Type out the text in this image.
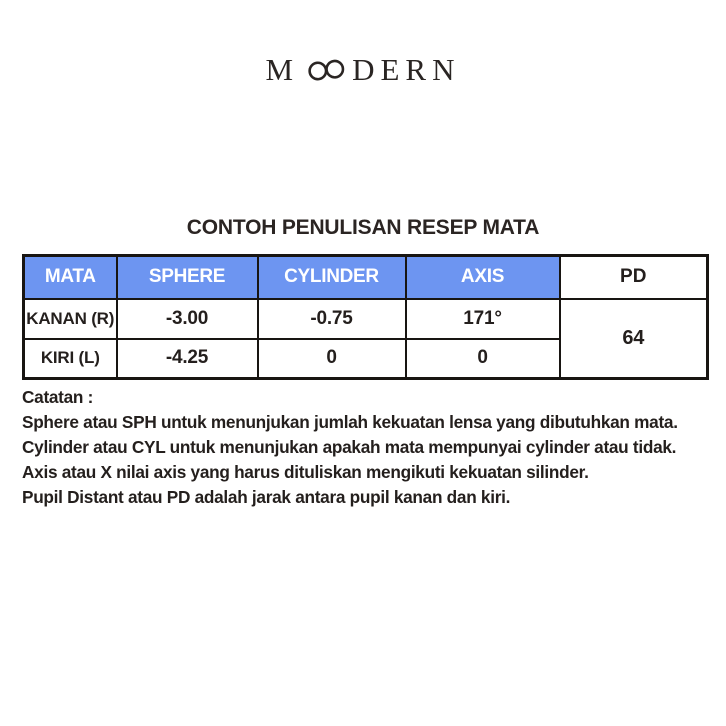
M DERN
CONTOH PENULISAN RESEP MATA
MATA	SPHERE	CYLINDER	AXIS	PD
KANAN (R)	-3.00	-0.75	171°	64
KIRI (L)	-4.25	0	0	
Catatan :
Sphere atau SPH untuk menunjukan jumlah kekuatan lensa yang dibutuhkan mata.
Cylinder atau CYL untuk menunjukan apakah mata mempunyai cylinder atau tidak.
Axis atau X nilai axis yang harus dituliskan mengikuti kekuatan silinder.
Pupil Distant atau PD adalah jarak antara pupil kanan dan kiri.
